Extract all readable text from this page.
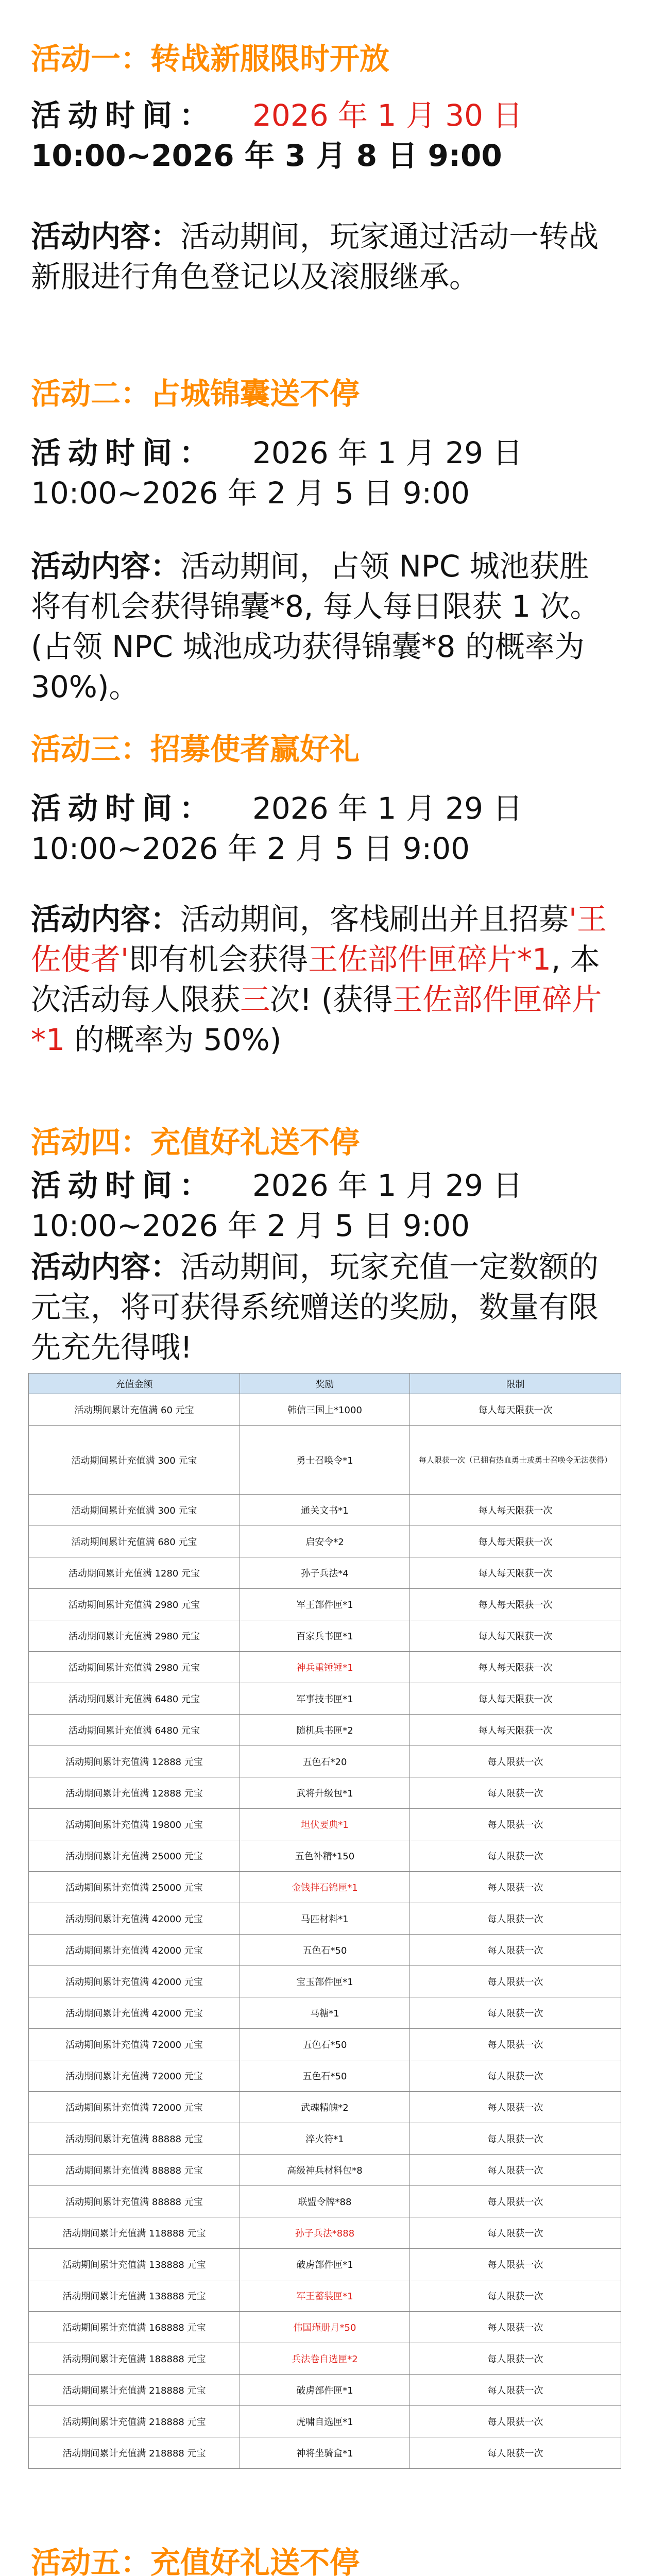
活动一：转战新服限时开放
活动时间： 2026 年 1 月 30 日
10:00~2026 年 3 月 8 日 9:00
活动内容：活动期间，玩家通过活动一转战新服进行角色登记以及滚服继承。
活动二：占城锦囊送不停
活动时间： 2026 年 1 月 29 日
10:00~2026 年 2 月 5 日 9:00
活动内容：活动期间，占领 NPC 城池获胜将有机会获得锦囊*8, 每人每日限获 1 次。(占领 NPC 城池成功获得锦囊*8 的概率为 30%)。
活动三：招募使者赢好礼
活动时间： 2026 年 1 月 29 日
10:00~2026 年 2 月 5 日 9:00
活动内容：活动期间，客栈刷出并且招募'王佐使者'即有机会获得王佐部件匣碎片*1, 本次活动每人限获三次! (获得王佐部件匣碎片*1 的概率为 50%)
活动四：充值好礼送不停
活动时间： 2026 年 1 月 29 日
10:00~2026 年 2 月 5 日 9:00
活动内容：活动期间，玩家充值一定数额的元宝，将可获得系统赠送的奖励，数量有限先充先得哦!
充值金额	奖励	限制
活动期间累计充值满 60 元宝	韩信三国上*1000	每人每天限获一次
活动期间累计充值满 300 元宝	勇士召唤令*1	每人限获一次（已拥有热血勇士或勇士召唤令无法获得）
活动期间累计充值满 300 元宝	通关文书*1	每人每天限获一次
活动期间累计充值满 680 元宝	启安令*2	每人每天限获一次
活动期间累计充值满 1280 元宝	孙子兵法*4	每人每天限获一次
活动期间累计充值满 2980 元宝	军王部件匣*1	每人每天限获一次
活动期间累计充值满 2980 元宝	百家兵书匣*1	每人每天限获一次
活动期间累计充值满 2980 元宝	神兵重锤锤*1	每人每天限获一次
活动期间累计充值满 6480 元宝	军事技书匣*1	每人每天限获一次
活动期间累计充值满 6480 元宝	随机兵书匣*2	每人每天限获一次
活动期间累计充值满 12888 元宝	五色石*20	每人限获一次
活动期间累计充值满 12888 元宝	武将升级包*1	每人限获一次
活动期间累计充值满 19800 元宝	坦伏要典*1	每人限获一次
活动期间累计充值满 25000 元宝	五色补精*150	每人限获一次
活动期间累计充值满 25000 元宝	金钱拌石锦匣*1	每人限获一次
活动期间累计充值满 42000 元宝	马匹材料*1	每人限获一次
活动期间累计充值满 42000 元宝	五色石*50	每人限获一次
活动期间累计充值满 42000 元宝	宝玉部件匣*1	每人限获一次
活动期间累计充值满 42000 元宝	马糖*1	每人限获一次
活动期间累计充值满 72000 元宝	五色石*50	每人限获一次
活动期间累计充值满 72000 元宝	五色石*50	每人限获一次
活动期间累计充值满 72000 元宝	武魂精魄*2	每人限获一次
活动期间累计充值满 88888 元宝	淬火符*1	每人限获一次
活动期间累计充值满 88888 元宝	高级神兵材料包*8	每人限获一次
活动期间累计充值满 88888 元宝	联盟令牌*88	每人限获一次
活动期间累计充值满 118888 元宝	孙子兵法*888	每人限获一次
活动期间累计充值满 138888 元宝	破虏部件匣*1	每人限获一次
活动期间累计充值满 138888 元宝	军王蓄装匣*1	每人限获一次
活动期间累计充值满 168888 元宝	伟国瑾册月*50	每人限获一次
活动期间累计充值满 188888 元宝	兵法卷自选匣*2	每人限获一次
活动期间累计充值满 218888 元宝	破虏部件匣*1	每人限获一次
活动期间累计充值满 218888 元宝	虎啸自选匣*1	每人限获一次
活动期间累计充值满 218888 元宝	神将坐骑盒*1	每人限获一次
活动五：充值好礼送不停
